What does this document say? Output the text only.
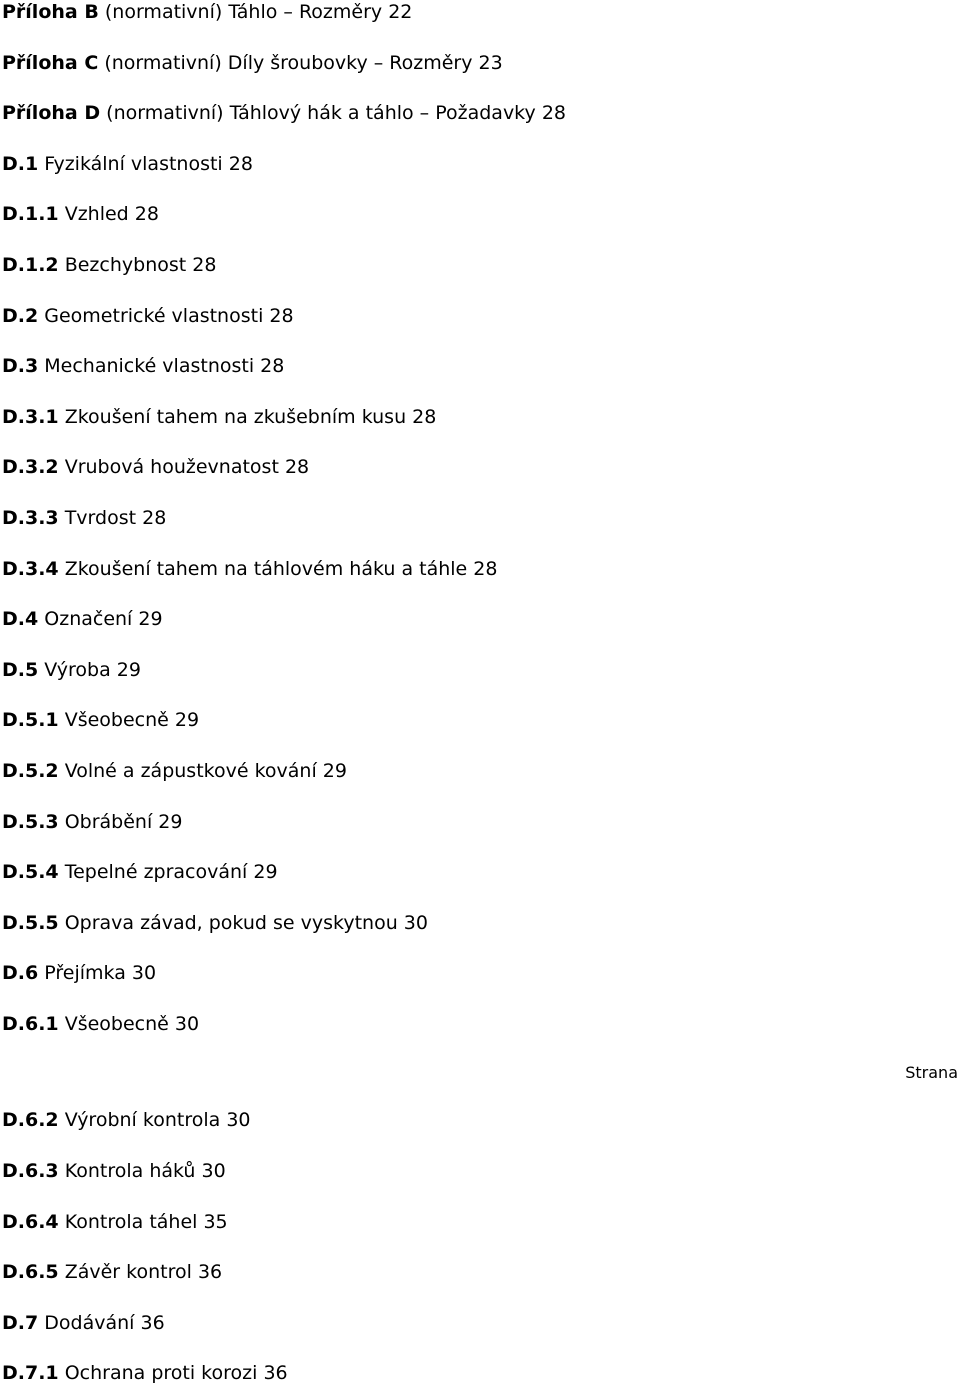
Příloha B (normativní) Táhlo – Rozměry 22
Příloha C (normativní) Díly šroubovky – Rozměry 23
Příloha D (normativní) Táhlový hák a táhlo – Požadavky 28
D.1 Fyzikální vlastnosti 28
D.1.1 Vzhled 28
D.1.2 Bezchybnost 28
D.2 Geometrické vlastnosti 28
D.3 Mechanické vlastnosti 28
D.3.1 Zkoušení tahem na zkušebním kusu 28
D.3.2 Vrubová houževnatost 28
D.3.3 Tvrdost 28
D.3.4 Zkoušení tahem na táhlovém háku a táhle 28
D.4 Označení 29
D.5 Výroba 29
D.5.1 Všeobecně 29
D.5.2 Volné a zápustkové kování 29
D.5.3 Obrábění 29
D.5.4 Tepelné zpracování 29
D.5.5 Oprava závad, pokud se vyskytnou 30
D.6 Přejímka 30
D.6.1 Všeobecně 30
D.6.2 Výrobní kontrola 30
D.6.3 Kontrola háků 30
D.6.4 Kontrola táhel 35
D.6.5 Závěr kontrol 36
D.7 Dodávání 36
D.7.1 Ochrana proti korozi 36
Strana
